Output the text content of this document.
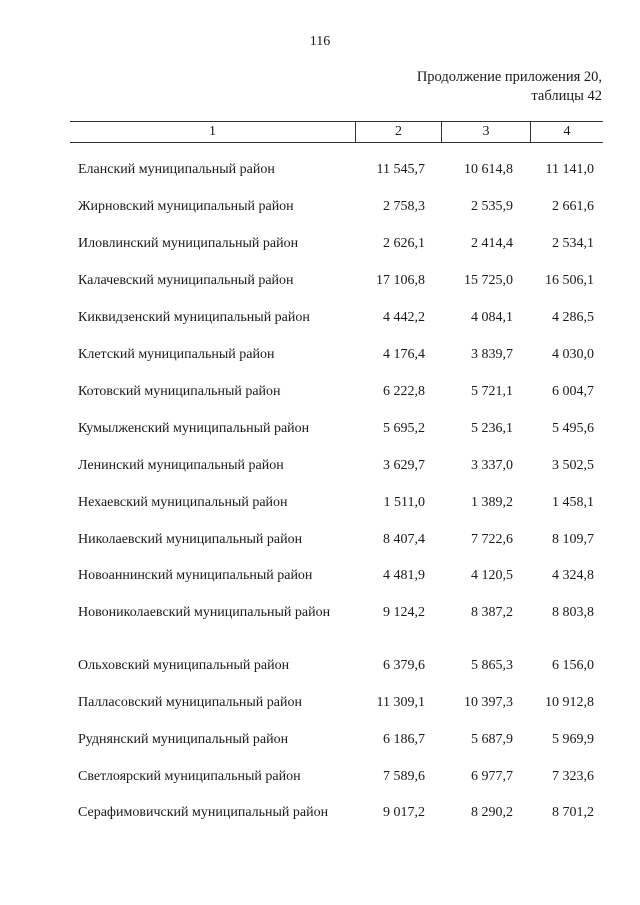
116
Продолжение приложения 20,
таблицы 42
1	2	3	4
Еланский муниципальный район	11 545,7	10 614,8	11 141,0
Жирновский муниципальный район	2 758,3	2 535,9	2 661,6
Иловлинский муниципальный район	2 626,1	2 414,4	2 534,1
Калачевский муниципальный район	17 106,8	15 725,0	16 506,1
Киквидзенский муниципальный район	4 442,2	4 084,1	4 286,5
Клетский муниципальный район	4 176,4	3 839,7	4 030,0
Котовский муниципальный район	6 222,8	5 721,1	6 004,7
Кумылженский муниципальный район	5 695,2	5 236,1	5 495,6
Ленинский муниципальный район	3 629,7	3 337,0	3 502,5
Нехаевский муниципальный район	1 511,0	1 389,2	1 458,1
Николаевский муниципальный район	8 407,4	7 722,6	8 109,7
Новоаннинский муниципальный район	4 481,9	4 120,5	4 324,8
Новониколаевский муниципальный район	9 124,2	8 387,2	8 803,8
Ольховский муниципальный район	6 379,6	5 865,3	6 156,0
Палласовский муниципальный район	11 309,1	10 397,3	10 912,8
Руднянский муниципальный район	6 186,7	5 687,9	5 969,9
Светлоярский муниципальный район	7 589,6	6 977,7	7 323,6
Серафимовичский муниципальный район	9 017,2	8 290,2	8 701,2
